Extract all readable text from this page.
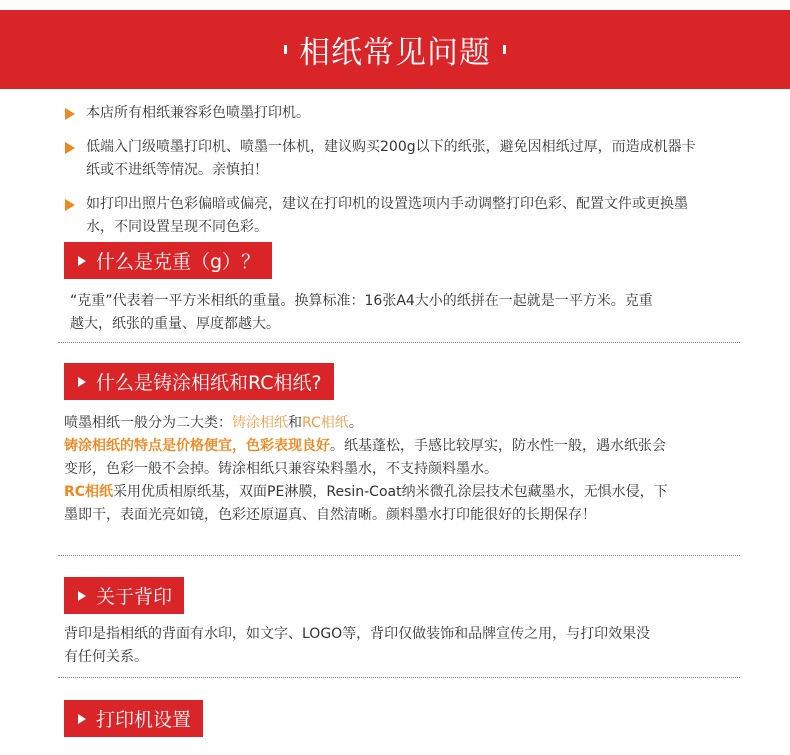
相纸常见问题
本店所有相纸兼容彩色喷墨打印机。
低端入门级喷墨打印机、喷墨一体机，建议购买200g以下的纸张，避免因相纸过厚，而造成机器卡纸或不进纸等情况。亲慎拍！
如打印出照片色彩偏暗或偏亮，建议在打印机的设置选项内手动调整打印色彩、配置文件或更换墨水，不同设置呈现不同色彩。
什么是克重（g）？

“克重”代表着一平方米相纸的重量。换算标准：16张A4大小的纸拼在一起就是一平方米。克重越大，纸张的重量、厚度都越大。

什么是铸涂相纸和RC相纸?
喷墨相纸一般分为二大类：铸涂相纸和RC相纸。
铸涂相纸的特点是价格便宜，色彩表现良好。纸基蓬松，手感比较厚实，防水性一般，遇水纸张会变形，色彩一般不会掉。铸涂相纸只兼容染料墨水，不支持颜料墨水。
RC相纸采用优质相原纸基，双面PE淋膜，Resin-Coat纳米微孔涂层技术包藏墨水，无惧水侵，下墨即干，表面光亮如镜，色彩还原逼真、自然清晰。颜料墨水打印能很好的长期保存！
关于背印

背印是指相纸的背面有水印，如文字、LOGO等，背印仅做装饰和品牌宣传之用，与打印效果没有任何关系。

打印机设置
